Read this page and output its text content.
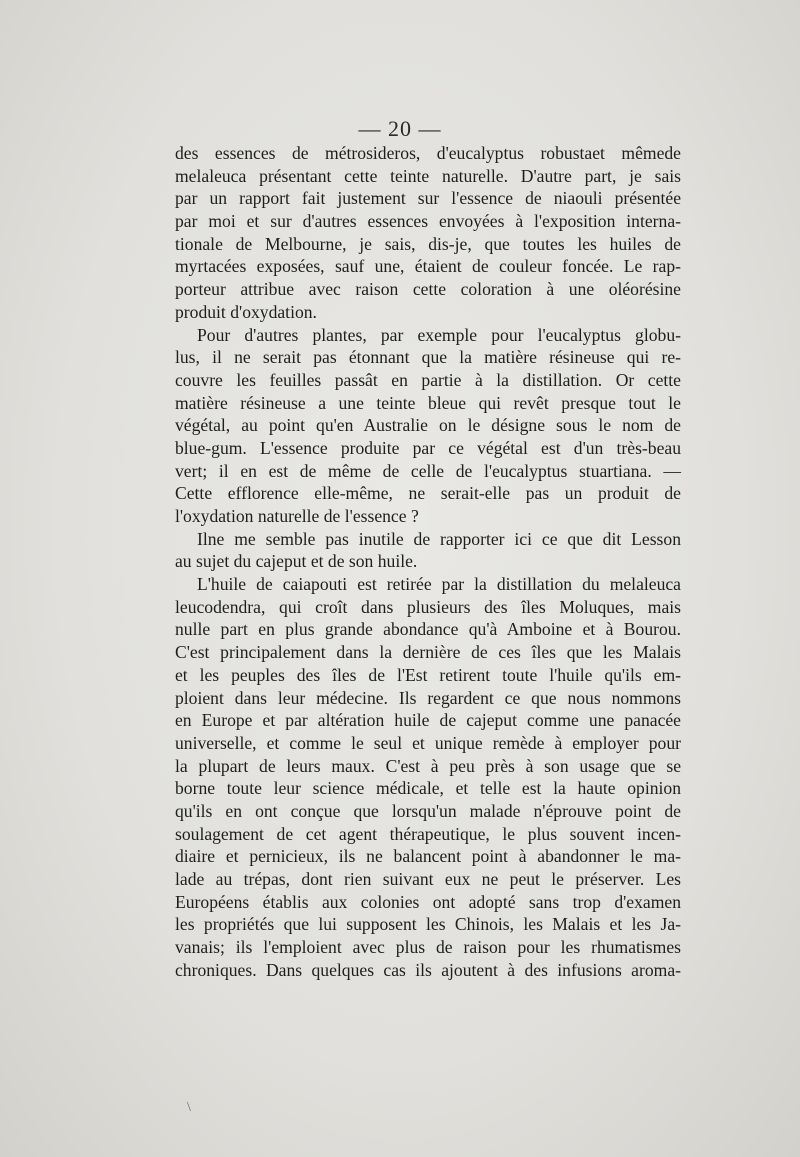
— 20 —
des essences de métrosideros, d'eucalyptus robustaet mêmede
melaleuca présentant cette teinte naturelle. D'autre part, je sais
par un rapport fait justement sur l'essence de niaouli présentée
par moi et sur d'autres essences envoyées à l'exposition interna-
tionale de Melbourne, je sais, dis-je, que toutes les huiles de
myrtacées exposées, sauf une, étaient de couleur foncée. Le rap-
porteur attribue avec raison cette coloration à une oléorésine
produit d'oxydation.
Pour d'autres plantes, par exemple pour l'eucalyptus globu-
lus, il ne serait pas étonnant que la matière résineuse qui re-
couvre les feuilles passât en partie à la distillation. Or cette
matière résineuse a une teinte bleue qui revêt presque tout le
végétal, au point qu'en Australie on le désigne sous le nom de
blue-gum. L'essence produite par ce végétal est d'un très-beau
vert; il en est de même de celle de l'eucalyptus stuartiana. —
Cette efflorence elle-même, ne serait-elle pas un produit de
l'oxydation naturelle de l'essence ?
Ilne me semble pas inutile de rapporter ici ce que dit Lesson
au sujet du cajeput et de son huile.
L'huile de caiapouti est retirée par la distillation du melaleuca
leucodendra, qui croît dans plusieurs des îles Moluques, mais
nulle part en plus grande abondance qu'à Amboine et à Bourou.
C'est principalement dans la dernière de ces îles que les Malais
et les peuples des îles de l'Est retirent toute l'huile qu'ils em-
ploient dans leur médecine. Ils regardent ce que nous nommons
en Europe et par altération huile de cajeput comme une panacée
universelle, et comme le seul et unique remède à employer pour
la plupart de leurs maux. C'est à peu près à son usage que se
borne toute leur science médicale, et telle est la haute opinion
qu'ils en ont conçue que lorsqu'un malade n'éprouve point de
soulagement de cet agent thérapeutique, le plus souvent incen-
diaire et pernicieux, ils ne balancent point à abandonner le ma-
lade au trépas, dont rien suivant eux ne peut le préserver. Les
Européens établis aux colonies ont adopté sans trop d'examen
les propriétés que lui supposent les Chinois, les Malais et les Ja-
vanais; ils l'emploient avec plus de raison pour les rhumatismes
chroniques. Dans quelques cas ils ajoutent à des infusions aroma-
\
